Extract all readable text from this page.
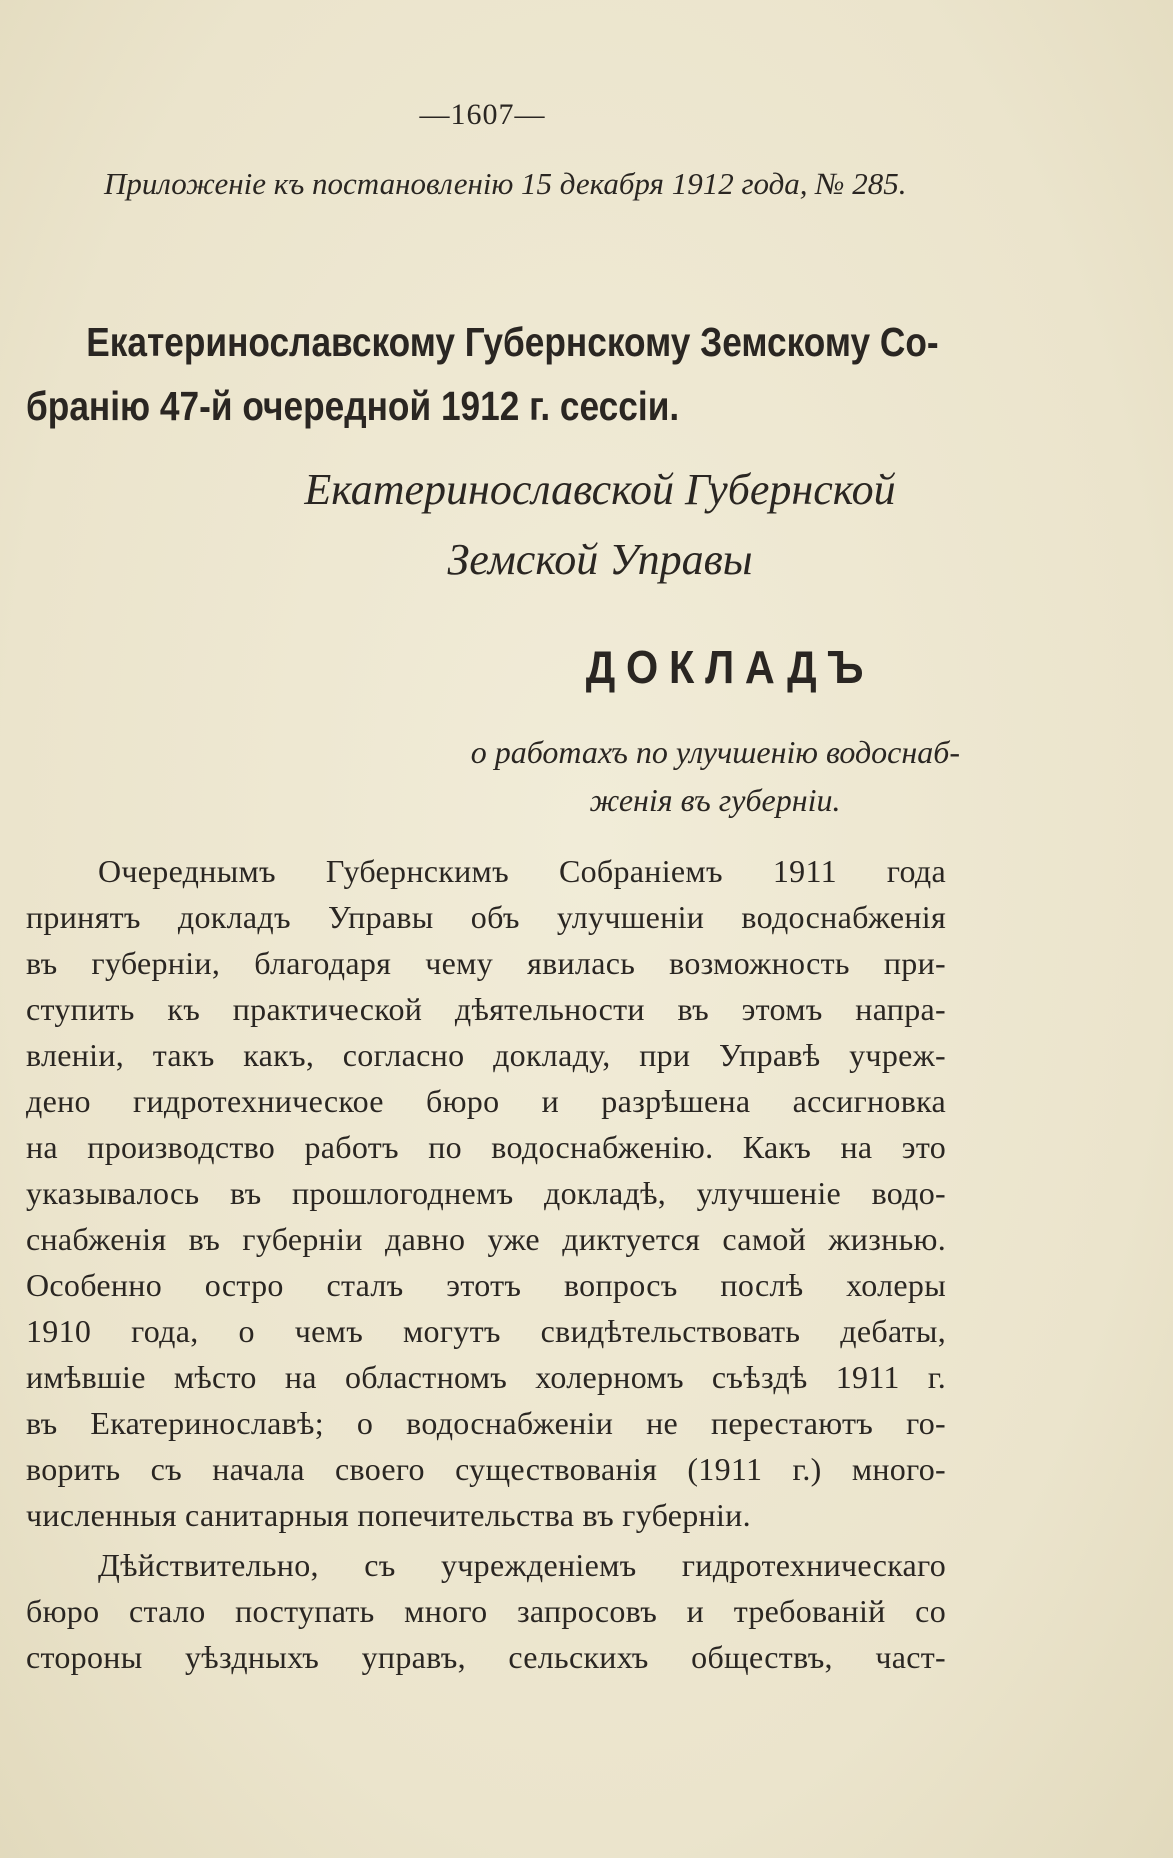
—1607—
Приложенiе къ постановленiю 15 декабря 1912 года, № 285.
Екатеринославскому Губернскому Земскому Со-
бранiю 47-й очередной 1912 г. сессiи.
Екатеринославской Губернской
Земской Управы
ДОКЛАДЪ
о работахъ по улучшенiю водоснаб-
женiя въ губернiи.

Очереднымъ Губернскимъ Собранiемъ 1911 года

принятъ докладъ Управы объ улучшенiи водоснабженiя

въ губернiи, благодаря чему явилась возможность при-

ступить къ практической дѣятельности въ этомъ напра-

вленiи, такъ какъ, согласно докладу, при Управѣ учреж-

дено гидротехническое бюро и разрѣшена ассигновка

на производство работъ по водоснабженiю. Какъ на это

указывалось въ прошлогоднемъ докладѣ, улучшенiе водо-

снабженiя въ губернiи давно уже диктуется самой жизнью.

Особенно остро сталъ этотъ вопросъ послѣ холеры

1910 года, о чемъ могутъ свидѣтельствовать дебаты,

имѣвшiе мѣсто на областномъ холерномъ съѣздѣ 1911 г.

въ Екатеринославѣ; о водоснабженiи не перестаютъ го-

ворить съ начала своего существованiя (1911 г.) много-

численныя санитарныя попечительства въ губернiи.

Дѣйствительно, съ учрежденiемъ гидротехническаго

бюро стало поступать много запросовъ и требованiй со

стороны уѣздныхъ управъ, сельскихъ обществъ, част-
